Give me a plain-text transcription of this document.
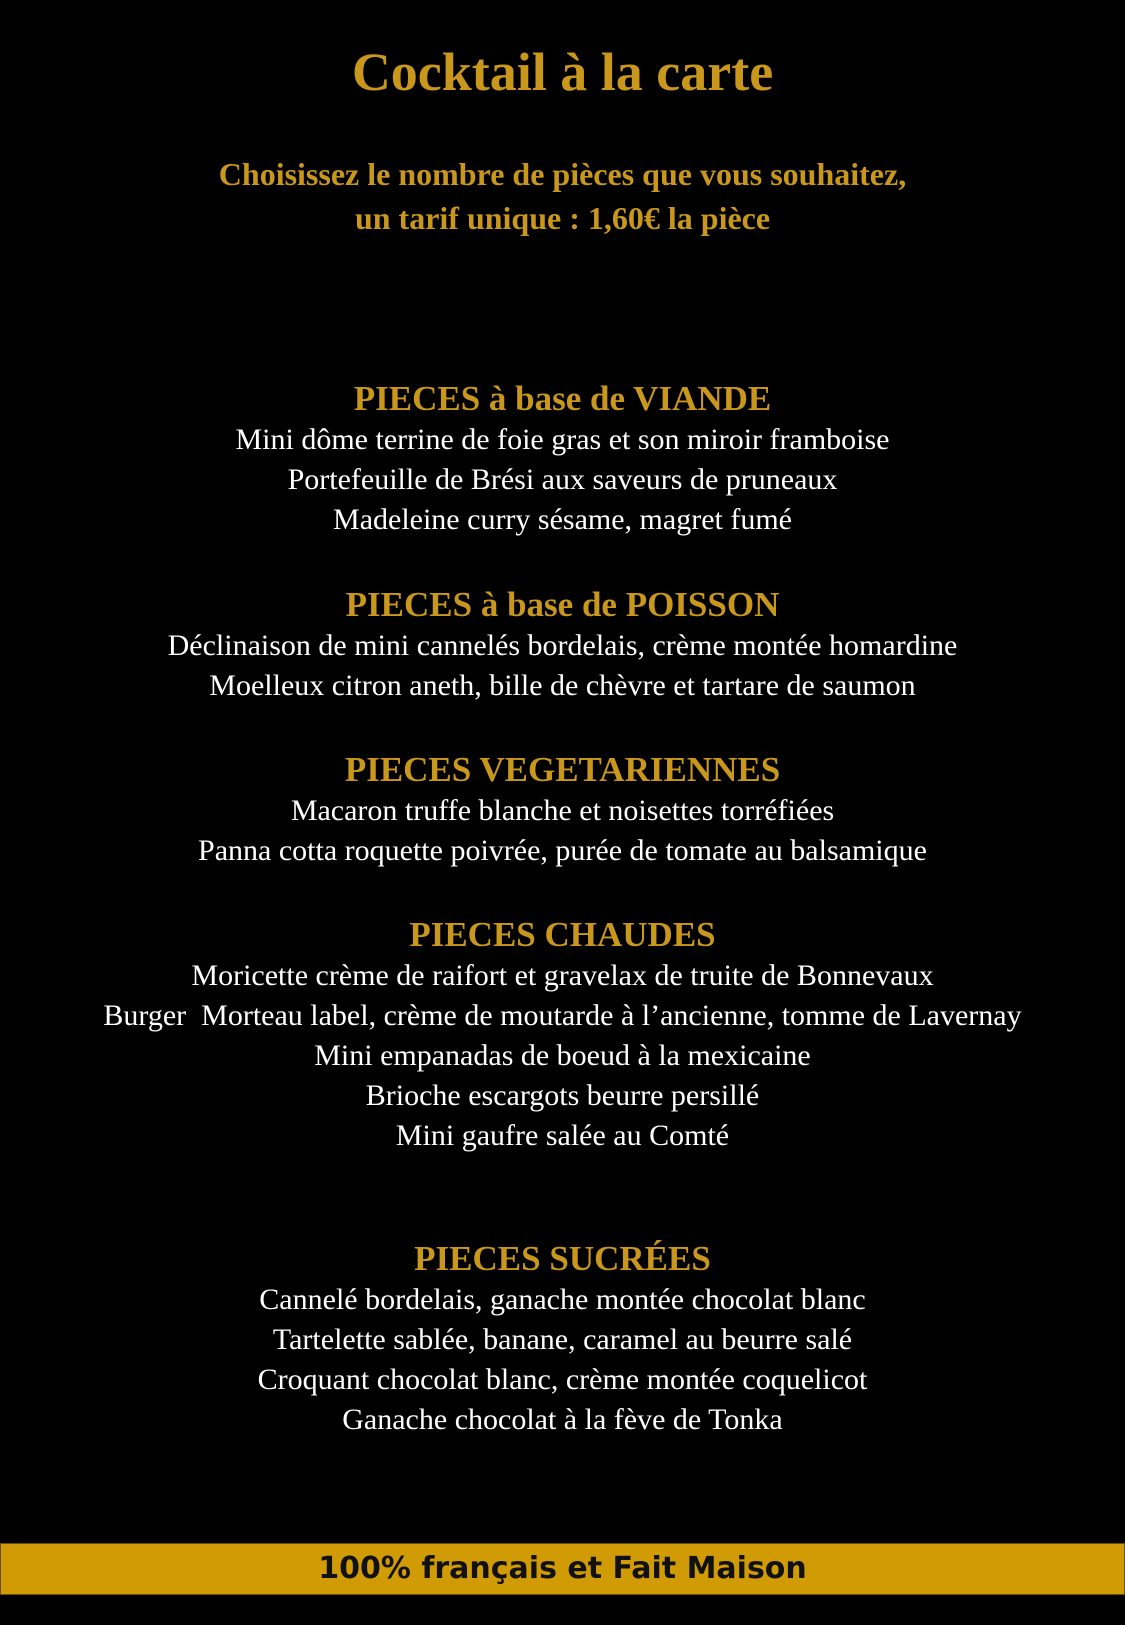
Cocktail à la carte

Choisissez le nombre de pièces que vous souhaitez,
un tarif unique : 1,60€ la pièce

PIECES à base de VIANDE
Mini dôme terrine de foie gras et son miroir framboise
Portefeuille de Brési aux saveurs de pruneaux
Madeleine curry sésame, magret fumé
PIECES à base de POISSON
Déclinaison de mini cannelés bordelais, crème montée homardine
Moelleux citron aneth, bille de chèvre et tartare de saumon
PIECES VEGETARIENNES
Macaron truffe blanche et noisettes torréfiées
Panna cotta roquette poivrée, purée de tomate au balsamique
PIECES CHAUDES
Moricette crème de raifort et gravelax de truite de Bonnevaux
Burger  Morteau label, crème de moutarde à l’ancienne, tomme de Lavernay
Mini empanadas de boeud à la mexicaine
Brioche escargots beurre persillé
Mini gaufre salée au Comté
PIECES SUCRÉES
Cannelé bordelais, ganache montée chocolat blanc
Tartelette sablée, banane, caramel au beurre salé
Croquant chocolat blanc, crème montée coquelicot
Ganache chocolat à la fève de Tonka
100% français et Fait Maison
